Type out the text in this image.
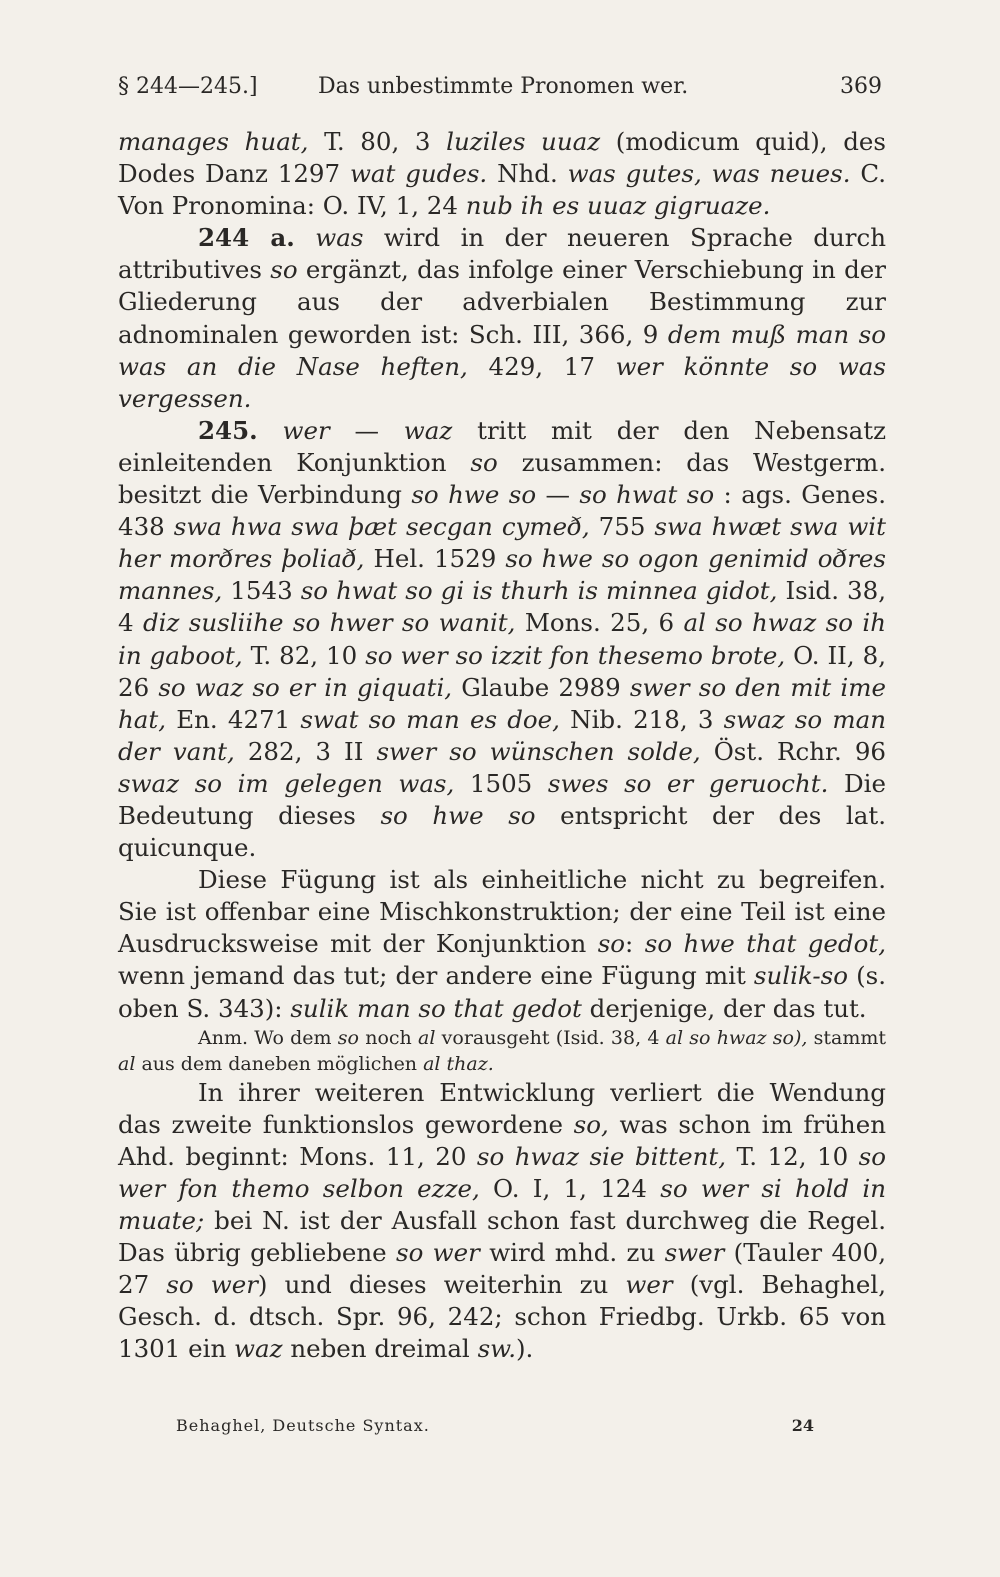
§ 244—245.]	Das unbestimmte Pronomen wer.	369

manages huat, T. 80, 3 luziles uuaz (modicum quid), des Dodes Danz 1297 wat gudes. Nhd. was gutes, was neues. C. Von Pronomina: O. IV, 1, 24 nub ih es uuaz gigruaze.

244 a. was wird in der neueren Sprache durch attributives so ergänzt, das infolge einer Verschiebung in der Gliederung aus der adverbialen Bestimmung zur adnominalen geworden ist: Sch. III, 366, 9 dem muß man so was an die Nase heften, 429, 17 wer könnte so was vergessen.

245. wer — waz tritt mit der den Nebensatz einleitenden Konjunktion so zusammen: das Westgerm. besitzt die Verbindung so hwe so — so hwat so : ags. Genes. 438 swa hwa swa þæt secgan cymeð, 755 swa hwæt swa wit her morðres þoliað, Hel. 1529 so hwe so ogon genimid oðres mannes, 1543 so hwat so gi is thurh is minnea gidot, Isid. 38, 4 diz susliihe so hwer so wanit, Mons. 25, 6 al so hwaz so ih in gaboot, T. 82, 10 so wer so izzit fon thesemo brote, O. II, 8, 26 so waz so er in giquati, Glaube 2989 swer so den mit ime hat, En. 4271 swat so man es doe, Nib. 218, 3 swaz so man der vant, 282, 3 II swer so wünschen solde, Öst. Rchr. 96 swaz so im gelegen was, 1505 swes so er geruocht. Die Bedeutung dieses so hwe so entspricht der des lat. quicunque.

Diese Fügung ist als einheitliche nicht zu begreifen. Sie ist offenbar eine Mischkonstruktion; der eine Teil ist eine Ausdrucksweise mit der Konjunktion so: so hwe that gedot, wenn jemand das tut; der andere eine Fügung mit sulik-so (s. oben S. 343): sulik man so that gedot derjenige, der das tut.

Anm. Wo dem so noch al vorausgeht (Isid. 38, 4 al so hwaz so), stammt al aus dem daneben möglichen al thaz.

In ihrer weiteren Entwicklung verliert die Wendung das zweite funktionslos gewordene so, was schon im frühen Ahd. beginnt: Mons. 11, 20 so hwaz sie bittent, T. 12, 10 so wer fon themo selbon ezze, O. I, 1, 124 so wer si hold in muate; bei N. ist der Ausfall schon fast durchweg die Regel. Das übrig gebliebene so wer wird mhd. zu swer (Tauler 400, 27 so wer) und dieses weiterhin zu wer (vgl. Behaghel, Gesch. d. dtsch. Spr. 96, 242; schon Friedbg. Urkb. 65 von 1301 ein waz neben dreimal sw.).

Behaghel, Deutsche Syntax.	24
